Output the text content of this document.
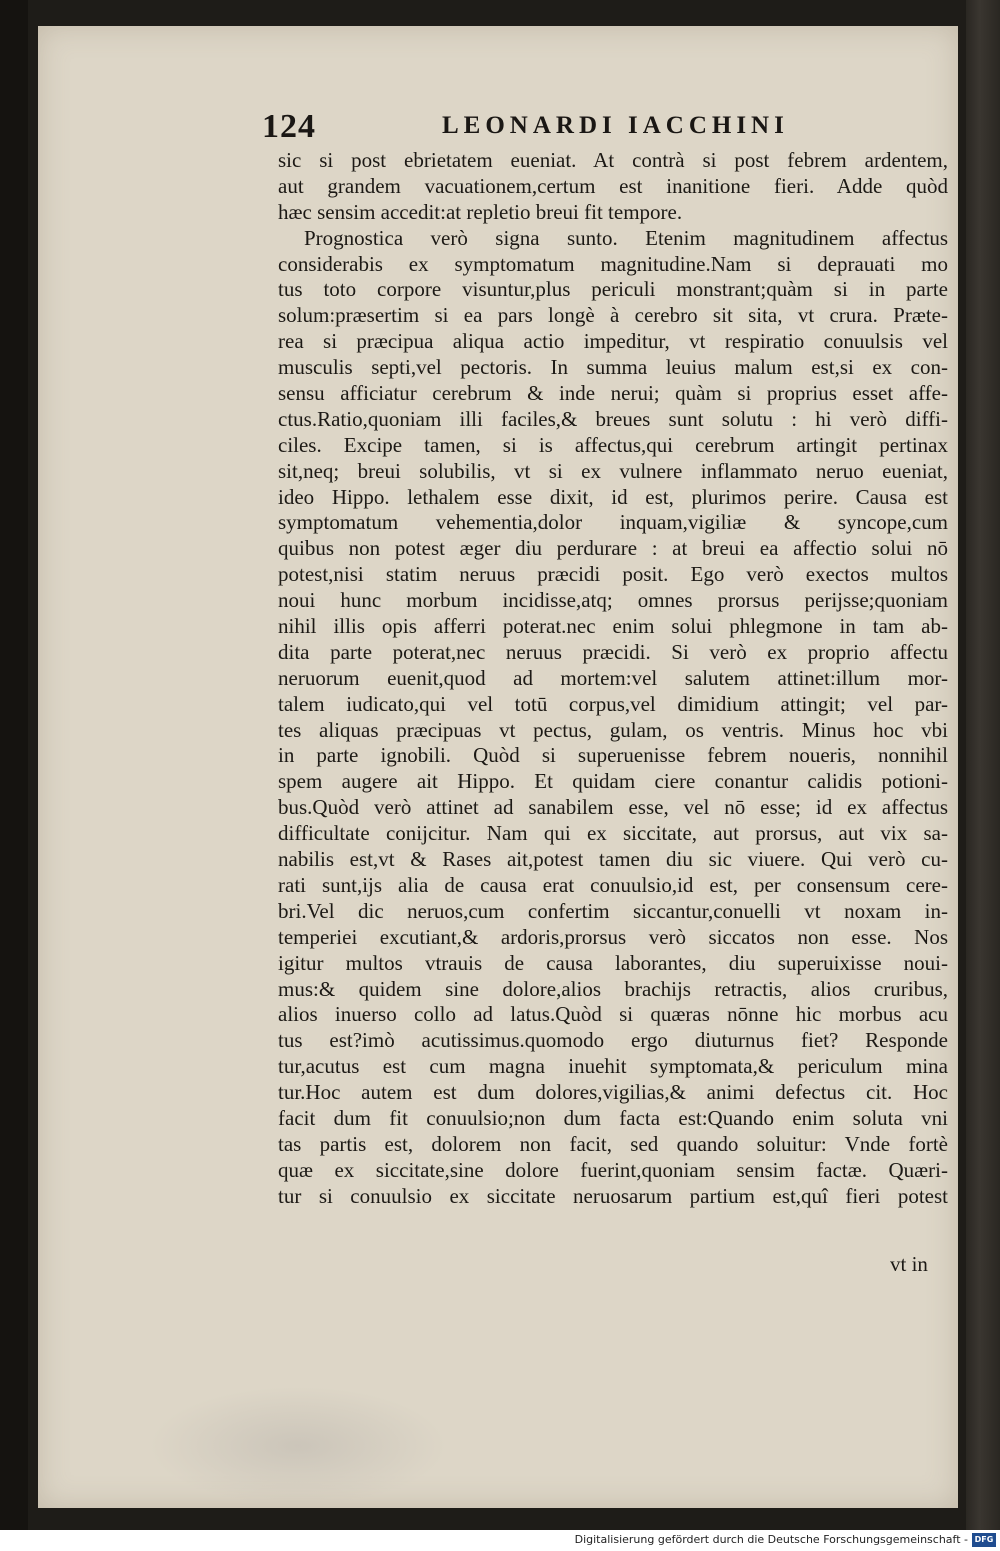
124	LEONARDI IACCHINI
sic si post ebrietatem eueniat. At contrà si post febrem ardentem,
aut grandem vacuationem,certum est inanitione fieri. Adde quòd
hæc sensim accedit:at repletio breui fit tempore.
Prognostica verò signa sunto. Etenim magnitudinem affectus
considerabis ex symptomatum magnitudine.Nam si deprauati mo
tus toto corpore visuntur,plus periculi monstrant;quàm si in parte
solum:præsertim si ea pars longè à cerebro sit sita, vt crura. Præte-
rea si præcipua aliqua actio impeditur, vt respiratio conuulsis vel
musculis septi,vel pectoris. In summa leuius malum est,si ex con-
sensu afficiatur cerebrum & inde nerui; quàm si proprius esset affe-
ctus.Ratio,quoniam illi faciles,& breues sunt solutu : hi verò diffi-
ciles. Excipe tamen, si is affectus,qui cerebrum artingit pertinax
sit,neq; breui solubilis, vt si ex vulnere inflammato neruo eueniat,
ideo Hippo. lethalem esse dixit, id est, plurimos perire. Causa est
symptomatum vehementia,dolor inquam,vigiliæ & syncope,cum
quibus non potest æger diu perdurare : at breui ea affectio solui nō
potest,nisi statim neruus præcidi posit. Ego verò exectos multos
noui hunc morbum incidisse,atq; omnes prorsus perijsse;quoniam
nihil illis opis afferri poterat.nec enim solui phlegmone in tam ab-
dita parte poterat,nec neruus præcidi. Si verò ex proprio affectu
neruorum euenit,quod ad mortem:vel salutem attinet:illum mor-
talem iudicato,qui vel totū corpus,vel dimidium attingit; vel par-
tes aliquas præcipuas vt pectus, gulam, os ventris. Minus hoc vbi
in parte ignobili. Quòd si superuenisse febrem noueris, nonnihil
spem augere ait Hippo. Et quidam ciere conantur calidis potioni-
bus.Quòd verò attinet ad sanabilem esse, vel nō esse; id ex affectus
difficultate conijcitur. Nam qui ex siccitate, aut prorsus, aut vix sa-
nabilis est,vt & Rases ait,potest tamen diu sic viuere. Qui verò cu-
rati sunt,ijs alia de causa erat conuulsio,id est, per consensum cere-
bri.Vel dic neruos,cum confertim siccantur,conuelli vt noxam in-
temperiei excutiant,& ardoris,prorsus verò siccatos non esse. Nos
igitur multos vtrauis de causa laborantes, diu superuixisse noui-
mus:& quidem sine dolore,alios brachijs retractis, alios cruribus,
alios inuerso collo ad latus.Quòd si quæras nōnne hic morbus acu
tus est?imò acutissimus.quomodo ergo diuturnus fiet? Responde
tur,acutus est cum magna inuehit symptomata,& periculum mina
tur.Hoc autem est dum dolores,vigilias,& animi defectus cit. Hoc
facit dum fit conuulsio;non dum facta est:Quando enim soluta vni
tas partis est, dolorem non facit, sed quando soluitur: Vnde fortè
quæ ex siccitate,sine dolore fuerint,quoniam sensim factæ. Quæri-
tur si conuulsio ex siccitate neruosarum partium est,quî fieri potest
vt in
Digitalisierung gefördert durch die Deutsche Forschungsgemeinschaft - DFG
